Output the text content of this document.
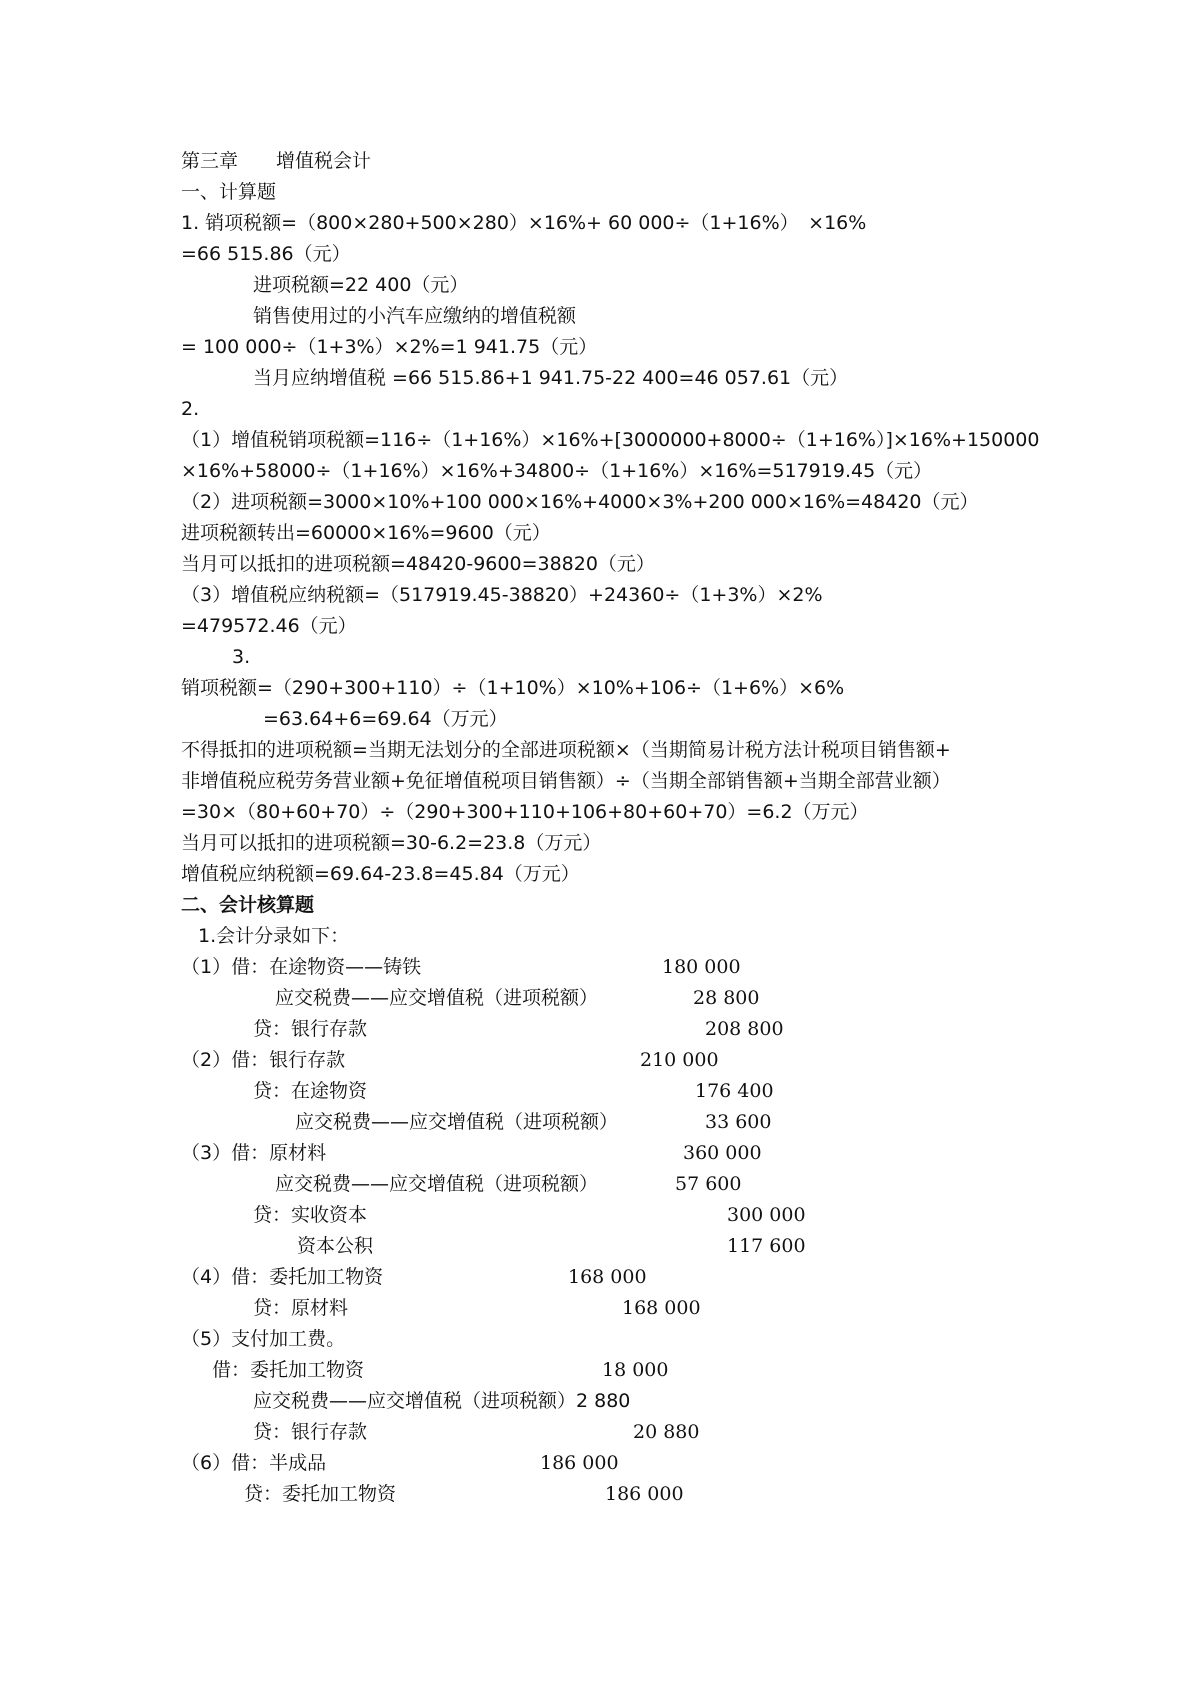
第三章　　增值税会计
一、计算题
1. 销项税额=（800×280+500×280）×16%+ 60 000÷（1+16%）　×16%
=66 515.86（元）
进项税额=22 400（元）
销售使用过的小汽车应缴纳的增值税额
= 100 000÷（1+3%）×2%=1 941.75（元）
当月应纳增值税 =66 515.86+1 941.75-22 400=46 057.61（元）
2.
（1）增值税销项税额=116÷（1+16%）×16%+[3000000+8000÷（1+16%）]×16%+150000
×16%+58000÷（1+16%）×16%+34800÷（1+16%）×16%=517919.45（元）
（2）进项税额=3000×10%+100 000×16%+4000×3%+200 000×16%=48420（元）
进项税额转出=60000×16%=9600（元）
当月可以抵扣的进项税额=48420-9600=38820（元）
（3）增值税应纳税额=（517919.45-38820）+24360÷（1+3%）×2%
=479572.46（元）
3.
销项税额=（290+300+110）÷（1+10%）×10%+106÷（1+6%）×6%
=63.64+6=69.64（万元）
不得抵扣的进项税额=当期无法划分的全部进项税额×（当期简易计税方法计税项目销售额+
非增值税应税劳务营业额+免征增值税项目销售额）÷（当期全部销售额+当期全部营业额）
=30×（80+60+70）÷（290+300+110+106+80+60+70）=6.2（万元）
当月可以抵扣的进项税额=30-6.2=23.8（万元）
增值税应纳税额=69.64-23.8=45.84（万元）
二、会计核算题
1.会计分录如下：
（1）借：在途物资——铸铁	180 000
应交税费——应交增值税（进项税额）	28 800
贷：银行存款	208 800
（2）借：银行存款	210 000
贷：在途物资	176 400
应交税费——应交增值税（进项税额）	33 600
（3）借：原材料	360 000
应交税费——应交增值税（进项税额）	57 600
贷：实收资本	300 000
资本公积	117 600
（4）借：委托加工物资	168 000
贷：原材料	168 000
（5）支付加工费。
借：委托加工物资	18 000
应交税费——应交增值税（进项税额）2 880
贷：银行存款	20 880
（6）借：半成品	186 000
贷：委托加工物资	186 000
